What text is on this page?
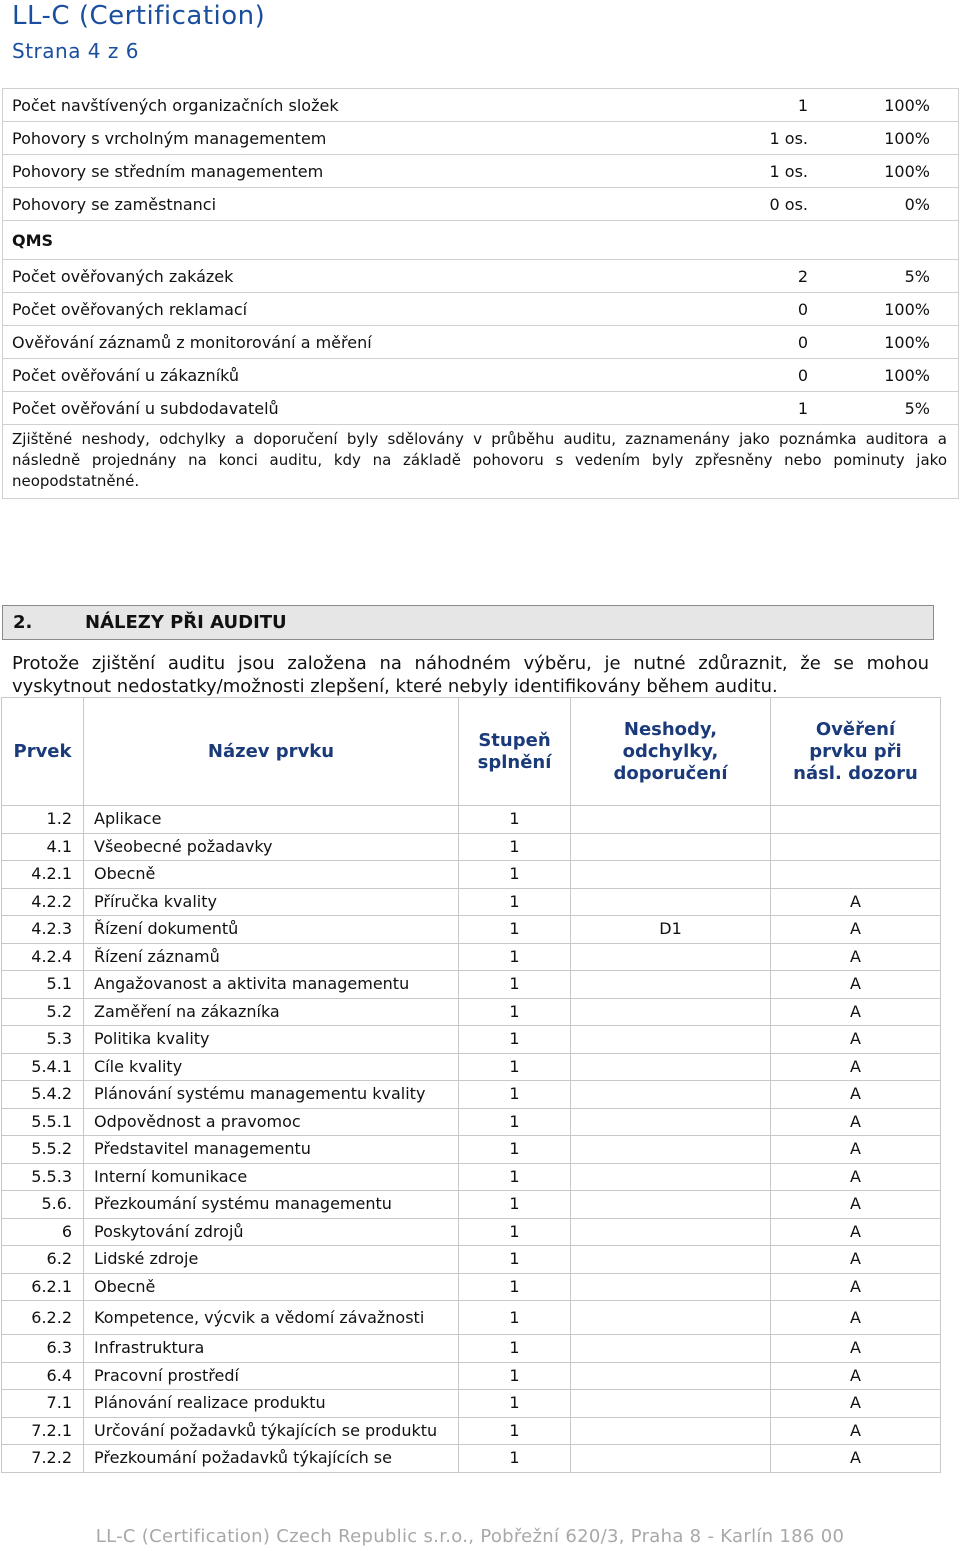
LL-C (Certification)
Strana 4 z 6
Počet navštívených organizačních složek	1	100%
Pohovory s vrcholným managementem	1 os.	100%
Pohovory se středním managementem	1 os.	100%
Pohovory se zaměstnanci	0 os.	0%
QMS
Počet ověřovaných zakázek	2	5%
Počet ověřovaných reklamací	0	100%
Ověřování záznamů z monitorování a měření	0	100%
Počet ověřování u zákazníků	0	100%
Počet ověřování u subdodavatelů	1	5%
Zjištěné neshody, odchylky a doporučení byly sdělovány v průběhu auditu, zaznamenány jako poznámka auditora a následně projednány na konci auditu, kdy na základě pohovoru s vedením byly zpřesněny nebo pominuty jako neopodstatněné.
2.	NÁLEZY PŘI AUDITU
Protože zjištění auditu jsou založena na náhodném výběru, je nutné zdůraznit, že se mohou vyskytnout nedostatky/možnosti zlepšení, které nebyly identifikovány během auditu.
Prvek	Název prvku	Stupeň splnění	Neshody, odchylky, doporučení	Ověření prvku při násl. dozoru
1.2	Aplikace	1		
4.1	Všeobecné požadavky	1		
4.2.1	Obecně	1		
4.2.2	Příručka kvality	1		A
4.2.3	Řízení dokumentů	1	D1	A
4.2.4	Řízení záznamů	1		A
5.1	Angažovanost a aktivita managementu	1		A
5.2	Zaměření na zákazníka	1		A
5.3	Politika kvality	1		A
5.4.1	Cíle kvality	1		A
5.4.2	Plánování systému managementu kvality	1		A
5.5.1	Odpovědnost a pravomoc	1		A
5.5.2	Představitel managementu	1		A
5.5.3	Interní komunikace	1		A
5.6.	Přezkoumání systému managementu	1		A
6	Poskytování zdrojů	1		A
6.2	Lidské zdroje	1		A
6.2.1	Obecně	1		A
6.2.2	Kompetence, výcvik a vědomí závažnosti	1		A
6.3	Infrastruktura	1		A
6.4	Pracovní prostředí	1		A
7.1	Plánování realizace produktu	1		A
7.2.1	Určování požadavků týkajících se produktu	1		A
7.2.2	Přezkoumání požadavků týkajících se	1		A
LL-C (Certification) Czech Republic s.r.o., Pobřežní 620/3, Praha 8 - Karlín 186 00
